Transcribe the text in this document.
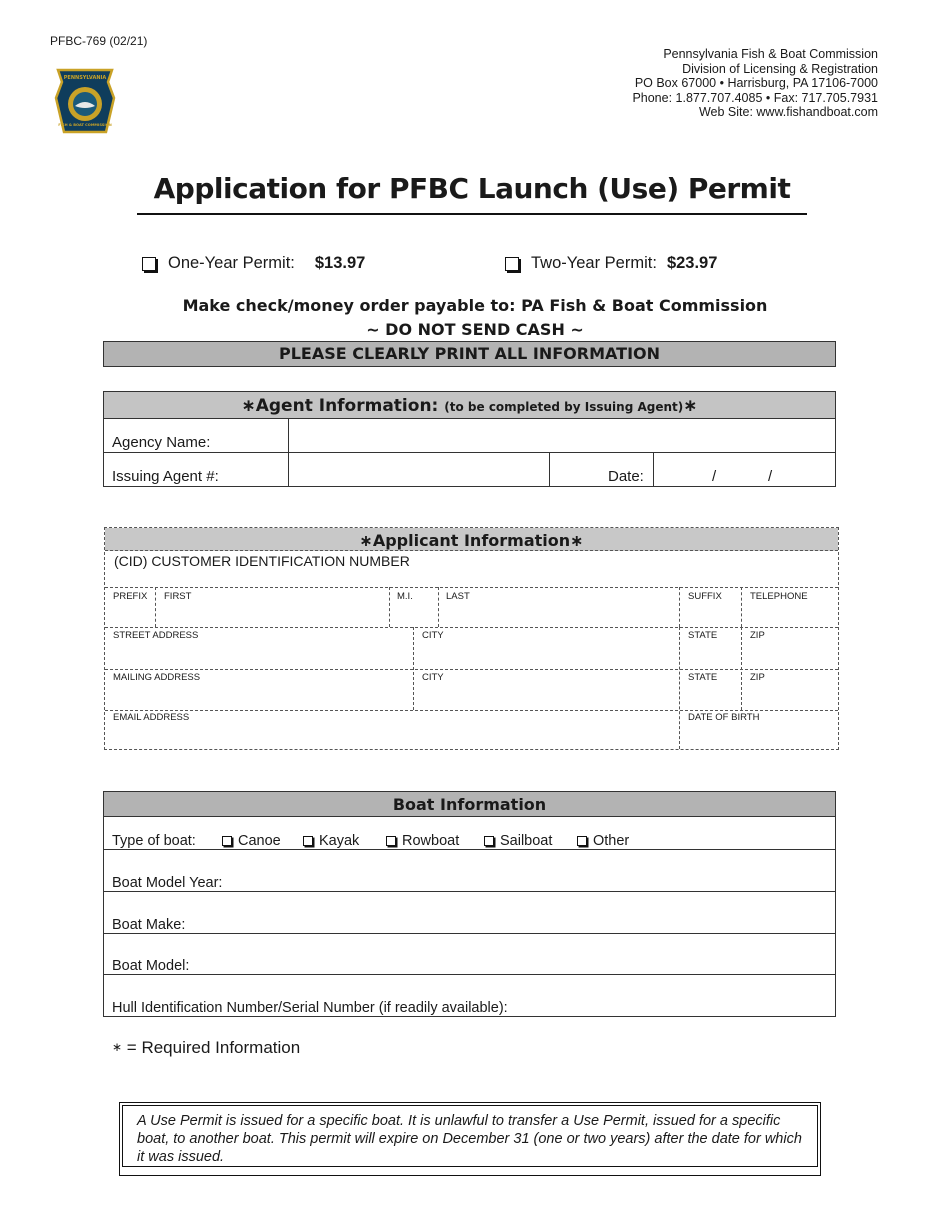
PFBC-769 (02/21)
PENNSYLVANIA
FISH & BOAT COMMISSION
Pennsylvania Fish & Boat Commission
Division of Licensing & Registration
PO Box 67000 • Harrisburg, PA 17106-7000
Phone: 1.877.707.4085 • Fax: 717.705.7931
Web Site: www.fishandboat.com
Application for PFBC Launch (Use) Permit
One-Year Permit: $13.97	Two-Year Permit: $23.97
Make check/money order payable to: PA Fish & Boat Commission
~ DO NOT SEND CASH ~
PLEASE CLEARLY PRINT ALL INFORMATION
∗Agent Information: (to be completed by Issuing Agent)∗
Agency Name:
Issuing Agent #:	Date:	/	/
∗Applicant Information∗
(CID) CUSTOMER IDENTIFICATION NUMBER
PREFIX FIRST	M.I.	LAST	SUFFIX	TELEPHONE
STREET ADDRESS	CITY	STATE	ZIP
MAILING ADDRESS	CITY	STATE	ZIP
EMAIL ADDRESS	DATE OF BIRTH
Boat Information
Type of boat:	Canoe	Kayak	Rowboat	Sailboat	Other
Boat Model Year:
Boat Make:
Boat Model:
Hull Identification Number/Serial Number (if readily available):
∗ = Required Information
A Use Permit is issued for a specific boat. It is unlawful to transfer a Use Permit, issued for a specific boat, to another boat. This permit will expire on December 31 (one or two years) after the date for which it was issued.
